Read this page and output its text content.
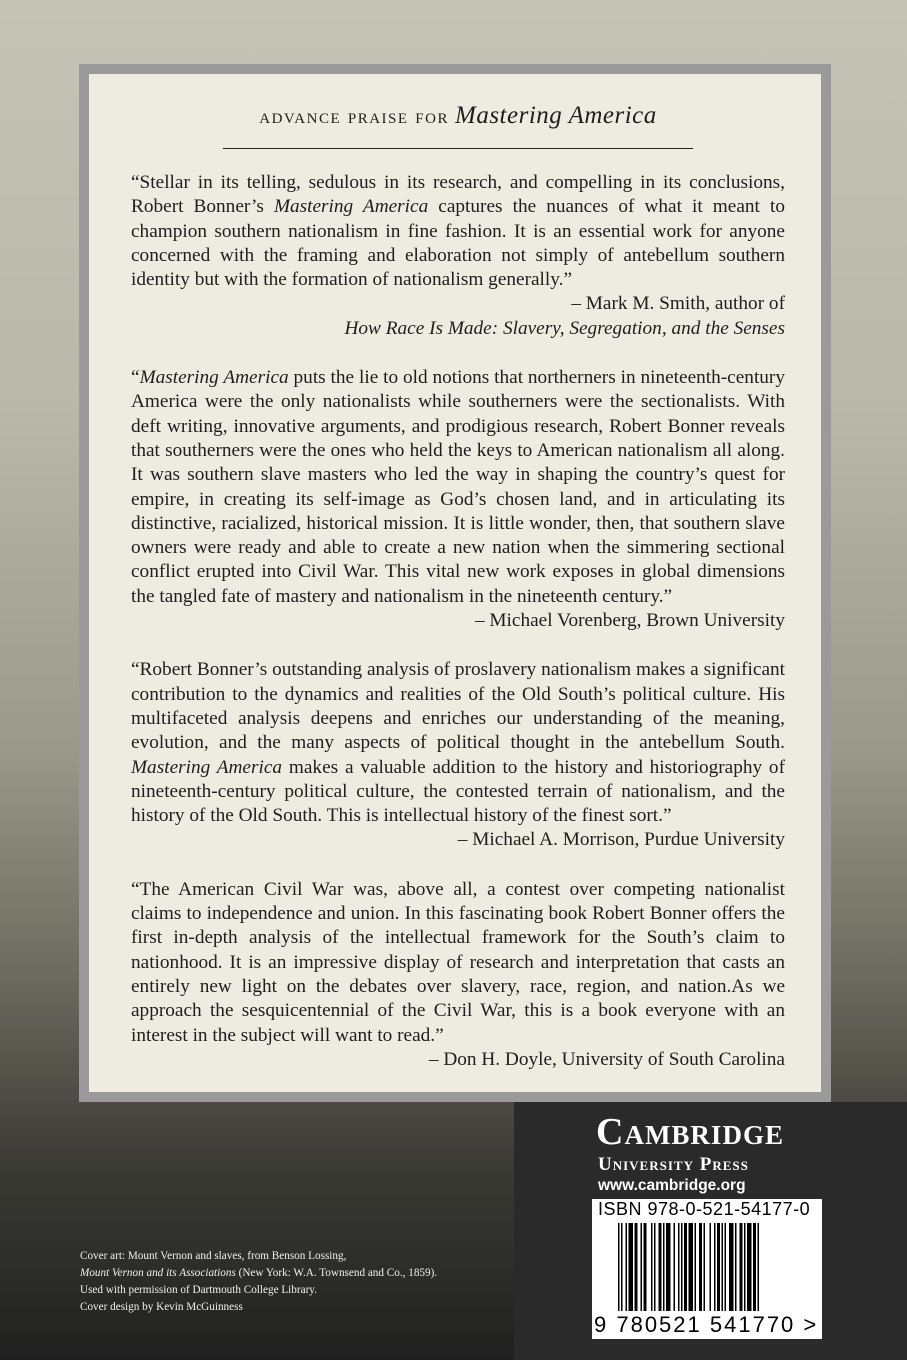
advance praise for Mastering America

“Stellar in its telling, sedulous in its research, and compelling in its conclusions, Robert Bonner’s Mastering America captures the nuances of what it meant to champion southern nationalism in fine fashion. It is an essential work for anyone concerned with the framing and elaboration not simply of antebellum southern identity but with the formation of nationalism generally.”

– Mark M. Smith, author of

How Race Is Made: Slavery, Segregation, and the Senses

“Mastering America puts the lie to old notions that northerners in nineteenth-century America were the only nationalists while southerners were the sectionalists. With deft writing, innovative arguments, and prodigious research, Robert Bonner reveals that southerners were the ones who held the keys to American nationalism all along. It was southern slave masters who led the way in shaping the country’s quest for empire, in creating its self-image as God’s chosen land, and in articulating its distinctive, racialized, historical mission. It is little wonder, then, that southern slave owners were ready and able to create a new nation when the simmering sectional conflict erupted into Civil War. This vital new work exposes in global dimensions the tangled fate of mastery and nationalism in the nineteenth century.”

– Michael Vorenberg, Brown University

“Robert Bonner’s outstanding analysis of proslavery nationalism makes a significant contribution to the dynamics and realities of the Old South’s political culture. His multifaceted analysis deepens and enriches our understanding of the meaning, evolution, and the many aspects of political thought in the antebellum South. Mastering America makes a valuable addition to the history and historiography of nineteenth-century political culture, the contested terrain of nationalism, and the history of the Old South. This is intellectual history of the finest sort.”

– Michael A. Morrison, Purdue University

“The American Civil War was, above all, a contest over competing nationalist claims to independence and union. In this fascinating book Robert Bonner offers the first in-depth analysis of the intellectual framework for the South’s claim to nationhood. It is an impressive display of research and interpretation that casts an entirely new light on the debates over slavery, race, region, and nation.As we approach the sesquicentennial of the Civil War, this is a book everyone with an interest in the subject will want to read.”

– Don H. Doyle, University of South Carolina

Cambridge
University Press
www.cambridge.org
ISBN 978-0-521-54177-0
9 780521 541770 >
Cover art: Mount Vernon and slaves, from Benson Lossing,
Mount Vernon and its Associations (New York: W.A. Townsend and Co., 1859).
Used with permission of Dartmouth College Library.
Cover design by Kevin McGuinness
